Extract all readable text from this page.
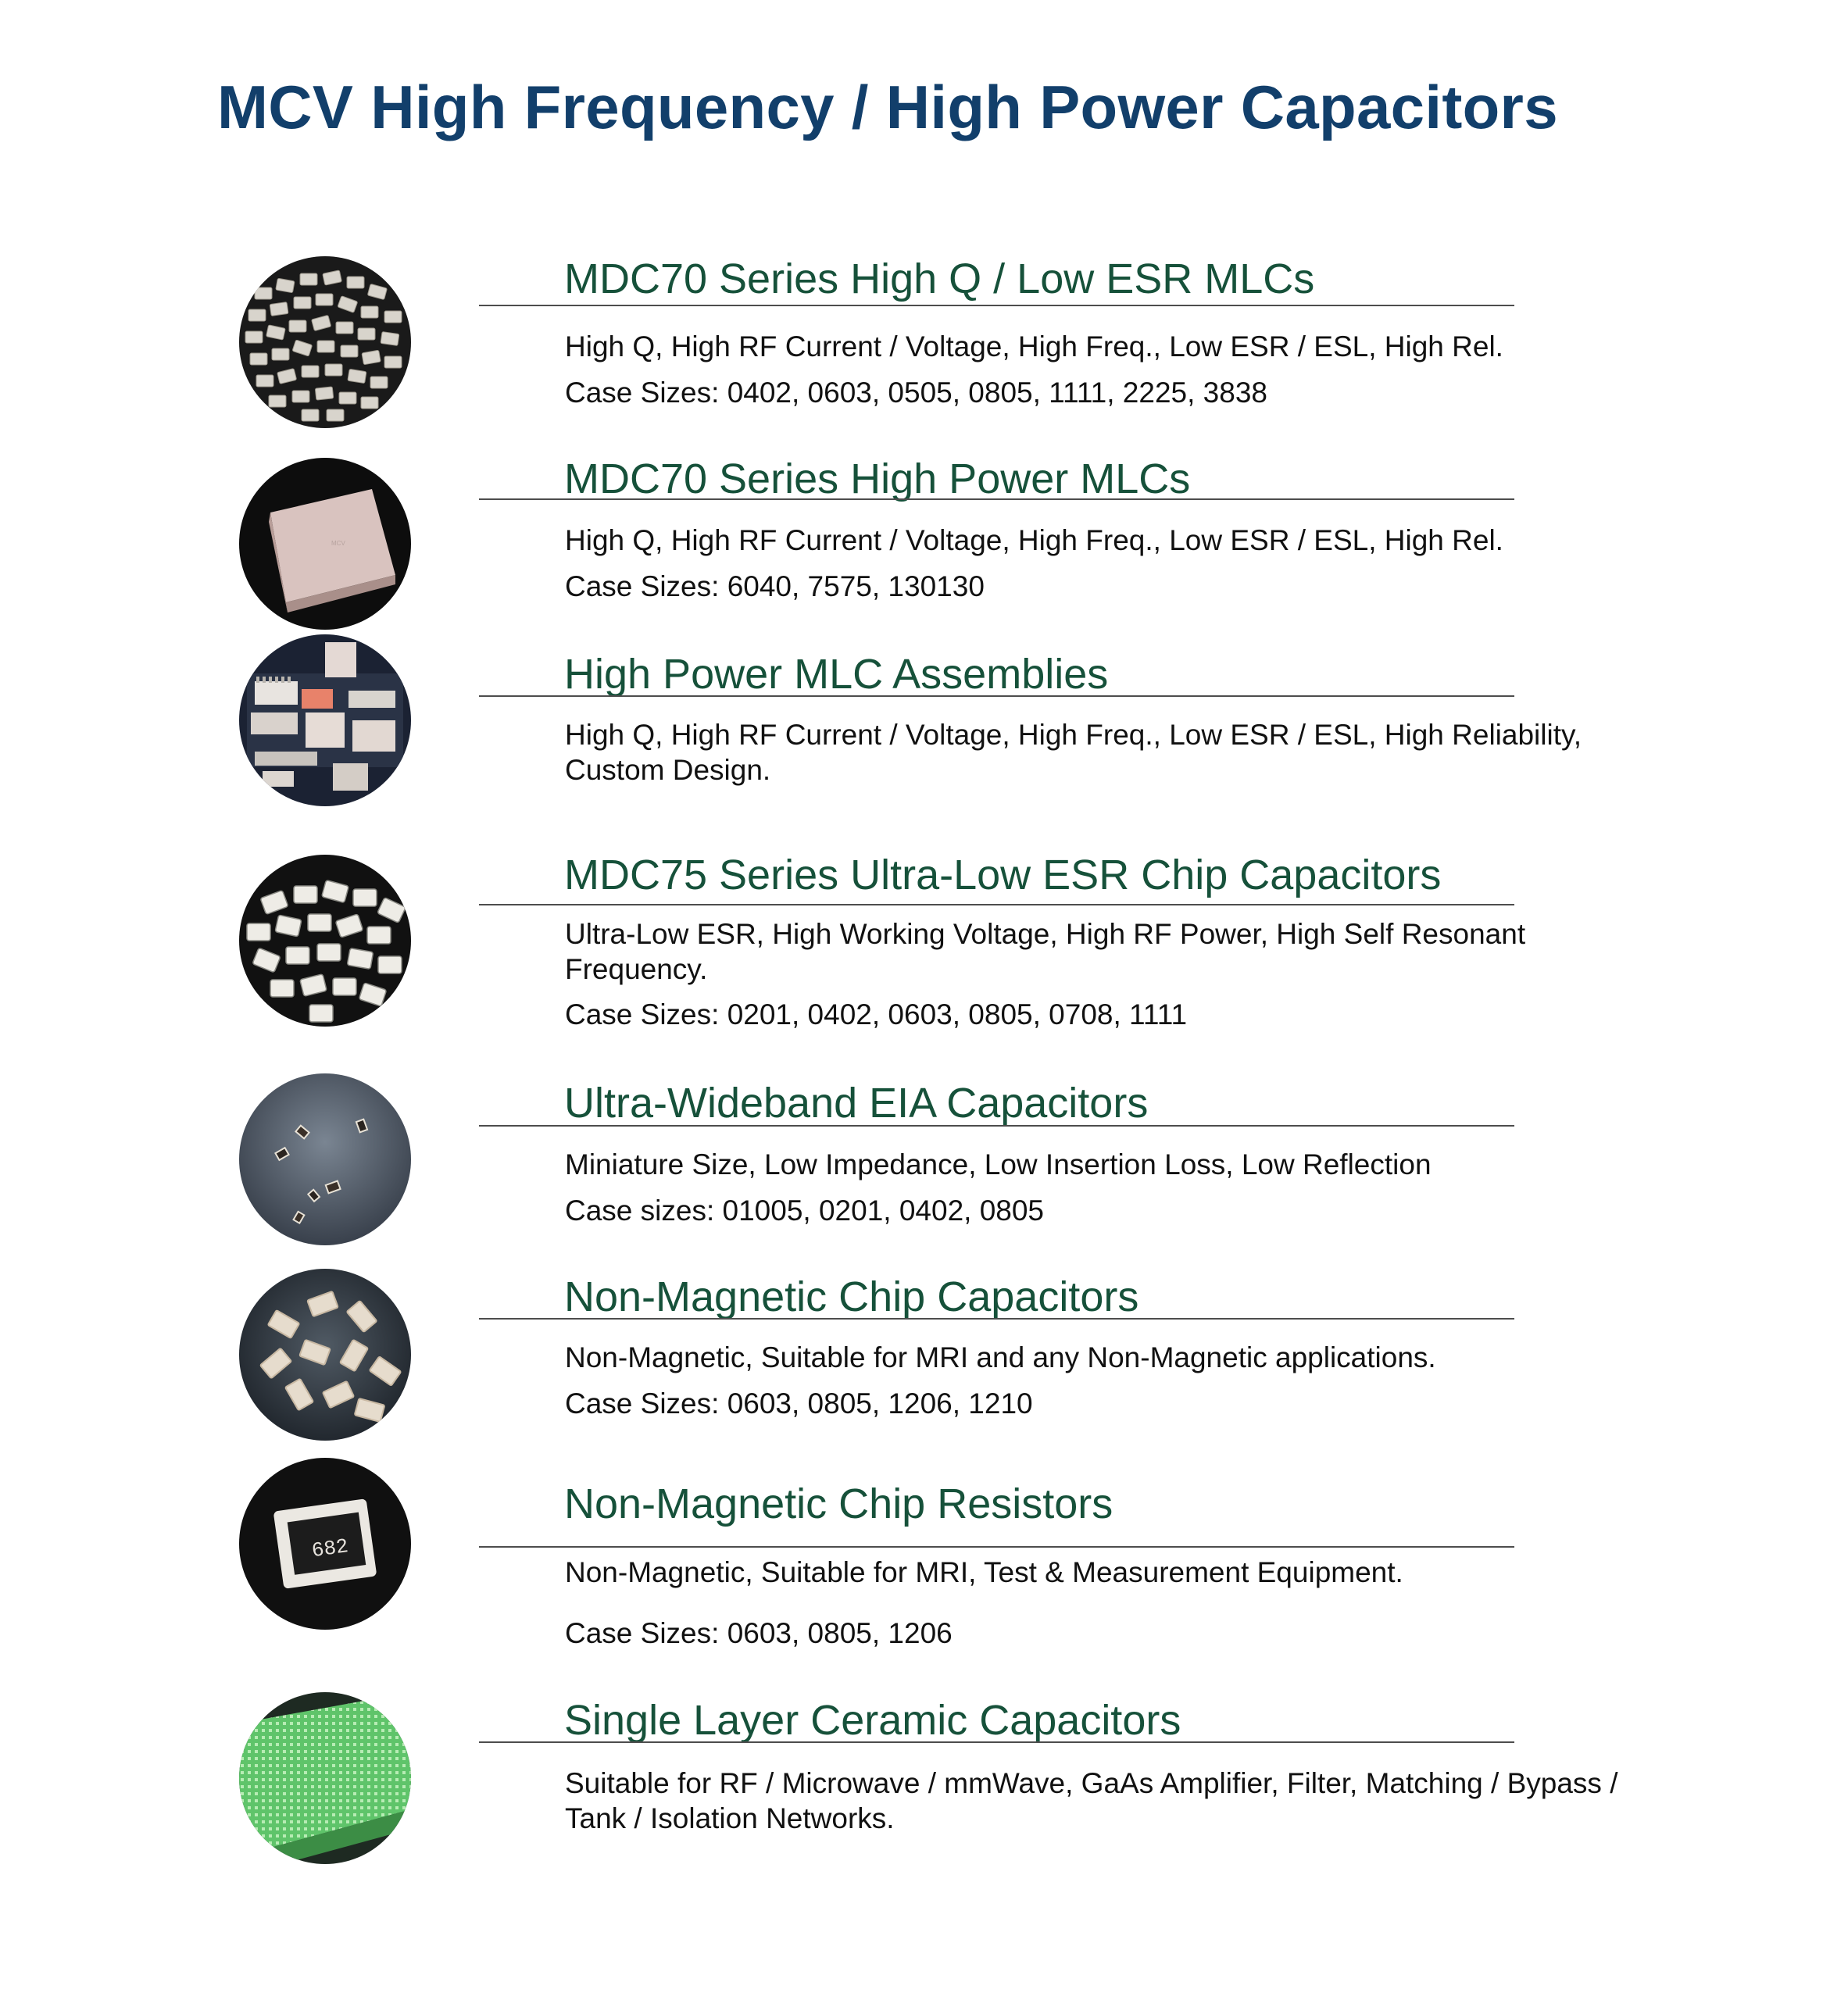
MCV High Frequency / High Power Capacitors
MDC70 Series High Q / Low ESR MLCs

High Q, High RF Current / Voltage, High Freq., Low ESR / ESL, High Rel.

Case Sizes: 0402, 0603, 0505, 0805, 1111, 2225, 3838

MCV
MDC70 Series High Power MLCs

High Q, High RF Current / Voltage, High Freq., Low ESR / ESL, High Rel.

Case Sizes: 6040, 7575, 130130

High Power MLC Assemblies

High Q, High RF Current / Voltage, High Freq., Low ESR / ESL, High Reliability, Custom Design.

MDC75 Series Ultra-Low ESR Chip Capacitors

Ultra-Low ESR, High Working Voltage, High RF Power, High Self Resonant Frequency.

Case Sizes: 0201, 0402, 0603, 0805, 0708, 1111

Ultra-Wideband EIA Capacitors

Miniature Size, Low Impedance, Low Insertion Loss, Low Reflection

Case sizes: 01005, 0201, 0402, 0805

Non-Magnetic Chip Capacitors

Non-Magnetic, Suitable for MRI and any Non-Magnetic applications.

Case Sizes: 0603, 0805, 1206, 1210

682
Non-Magnetic Chip Resistors

Non-Magnetic, Suitable for MRI, Test & Measurement Equipment.

Case Sizes: 0603, 0805, 1206

Single Layer Ceramic Capacitors

Suitable for RF / Microwave / mmWave, GaAs Amplifier, Filter, Matching / Bypass / Tank / Isolation Networks.
